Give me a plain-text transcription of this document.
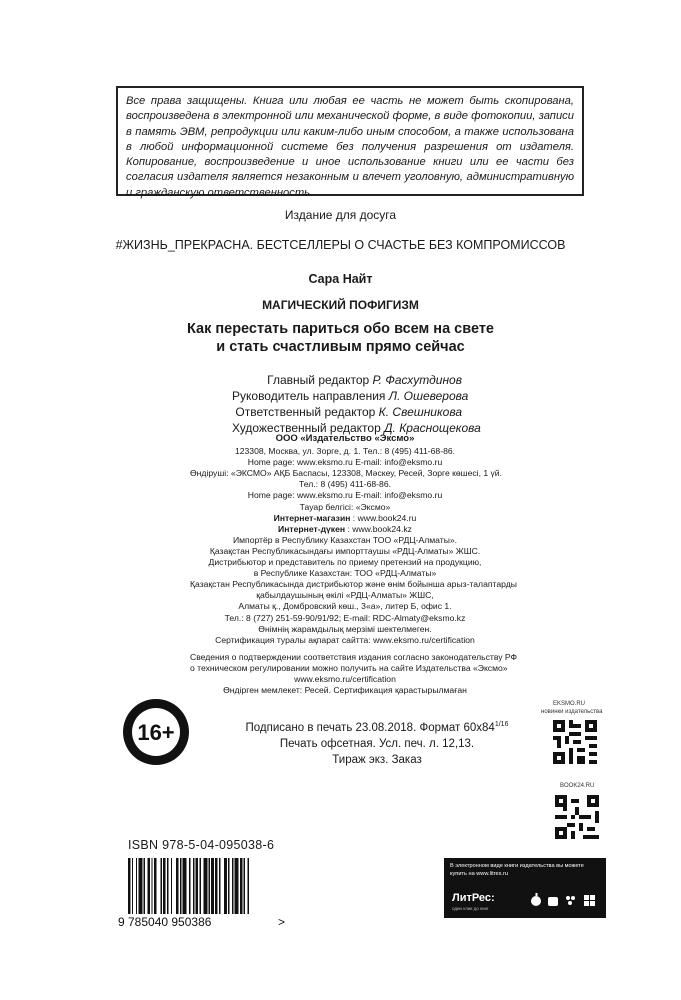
Все права защищены. Книга или любая ее часть не может быть скопирована, воспроизведена в электронной или механической форме, в виде фотокопии, записи в память ЭВМ, репродукции или каким-либо иным способом, а также использована в любой информационной системе без получения разрешения от издателя. Копирование, воспроизведение и иное использование книги или ее части без согласия издателя является незаконным и влечет уголовную, административную и гражданскую ответственность.
Издание для досуга
#ЖИЗНЬ_ПРЕКРАСНА. БЕСТСЕЛЛЕРЫ О СЧАСТЬЕ БЕЗ КОМПРОМИССОВ
Сара Найт
МАГИЧЕСКИЙ ПОФИГИЗМ
Как перестать париться обо всем на свете
и стать счастливым прямо сейчас
Главный редактор Р. Фасхутдинов
Руководитель направления Л. Ошеверова
Ответственный редактор К. Свешникова
Художественный редактор Д. Краснощекова
ООО «Издательство «Эксмо»
123308, Москва, ул. Зорге, д. 1. Тел.: 8 (495) 411-68-86.
Home page: www.eksmo.ru E-mail: info@eksmo.ru
Өндіруші: «ЭКСМО» АҚБ Баспасы, 123308, Мәскеу, Ресей, Зорге көшесі, 1 үй.
Тел.: 8 (495) 411-68-86.
Home page: www.eksmo.ru E-mail: info@eksmo.ru
Тауар белгісі: «Эксмо»
Интернет-магазин : www.book24.ru
Интернет-дүкен : www.book24.kz
Импортёр в Республику Казахстан ТОО «РДЦ-Алматы».
Қазақстан Республикасындағы импорттаушы «РДЦ-Алматы» ЖШС.
Дистрибьютор и представитель по приему претензий на продукцию,
в Республике Казахстан: ТОО «РДЦ-Алматы»
Қазақстан Республикасында дистрибьютор және өнім бойынша арыз-талаптарды
қабылдаушының өкілі «РДЦ-Алматы» ЖШС,
Алматы қ., Домбровский көш., 3«а», литер Б, офис 1.
Тел.: 8 (727) 251-59-90/91/92; E-mail: RDC-Almaty@eksmo.kz
Өнімнің жарамдылық мерзімі шектелмеген.
Сертификация туралы ақпарат сайтта: www.eksmo.ru/certification
Сведения о подтверждении соответствия издания согласно законодательству РФ
о техническом регулировании можно получить на сайте Издательства «Эксмо»
www.eksmo.ru/certification
Өндірген мемлекет: Ресей. Сертификация қарастырылмаған
16+	Подписано в печать 23.08.2018. Формат $60x84^{1/16}$
Печать офсетная. Усл. печ. л. 12,13.
Тираж экз. Заказ
EKSMO.RU
новинки издательства
BOOK24.RU
ISBN 978-5-04-095038-6
9 785040 950386	>
В электронном виде книги издательства вы можете
купить на www.litres.ru
ЛитРес:
один клик до книг
